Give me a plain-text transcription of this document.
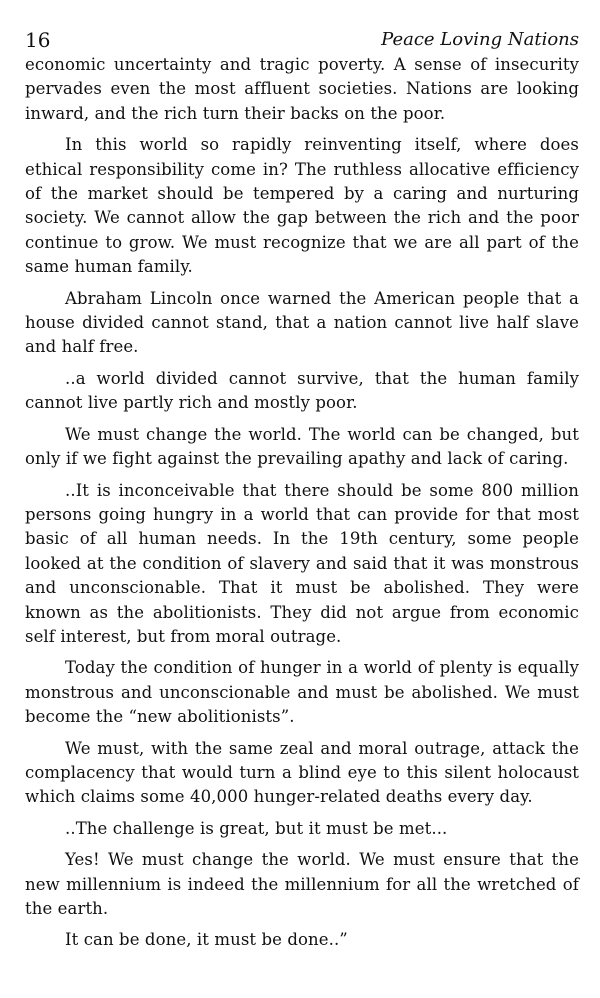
16	Peace Loving Nations

economic uncertainty and tragic poverty. A sense of insecurity pervades even the most affluent societies. Nations are looking inward, and the rich turn their backs on the poor.

In this world so rapidly reinventing itself, where does ethical responsibility come in? The ruthless allocative efficiency of the market should be tempered by a caring and nurturing society. We cannot allow the gap between the rich and the poor continue to grow. We must recognize that we are all part of the same human family.

Abraham Lincoln once warned the American people that a house divided cannot stand, that a nation cannot live half slave and half free.

..a world divided cannot survive, that the human family cannot live partly rich and mostly poor.

We must change the world. The world can be changed, but only if we fight against the prevailing apathy and lack of caring.

..It is inconceivable that there should be some 800 million persons going hungry in a world that can provide for that most basic of all human needs. In the 19th century, some people looked at the condition of slavery and said that it was monstrous and unconscionable. That it must be abolished. They were known as the abolitionists. They did not argue from economic self interest, but from moral outrage.

Today the condition of hunger in a world of plenty is equally monstrous and unconscionable and must be abolished. We must become the “new abolitionists”.

We must, with the same zeal and moral outrage, attack the complacency that would turn a blind eye to this silent holocaust which claims some 40,000 hunger-related deaths every day.

..The challenge is great, but it must be met...

Yes! We must change the world. We must ensure that the new millennium is indeed the millennium for all the wretched of the earth.

It can be done, it must be done..”
